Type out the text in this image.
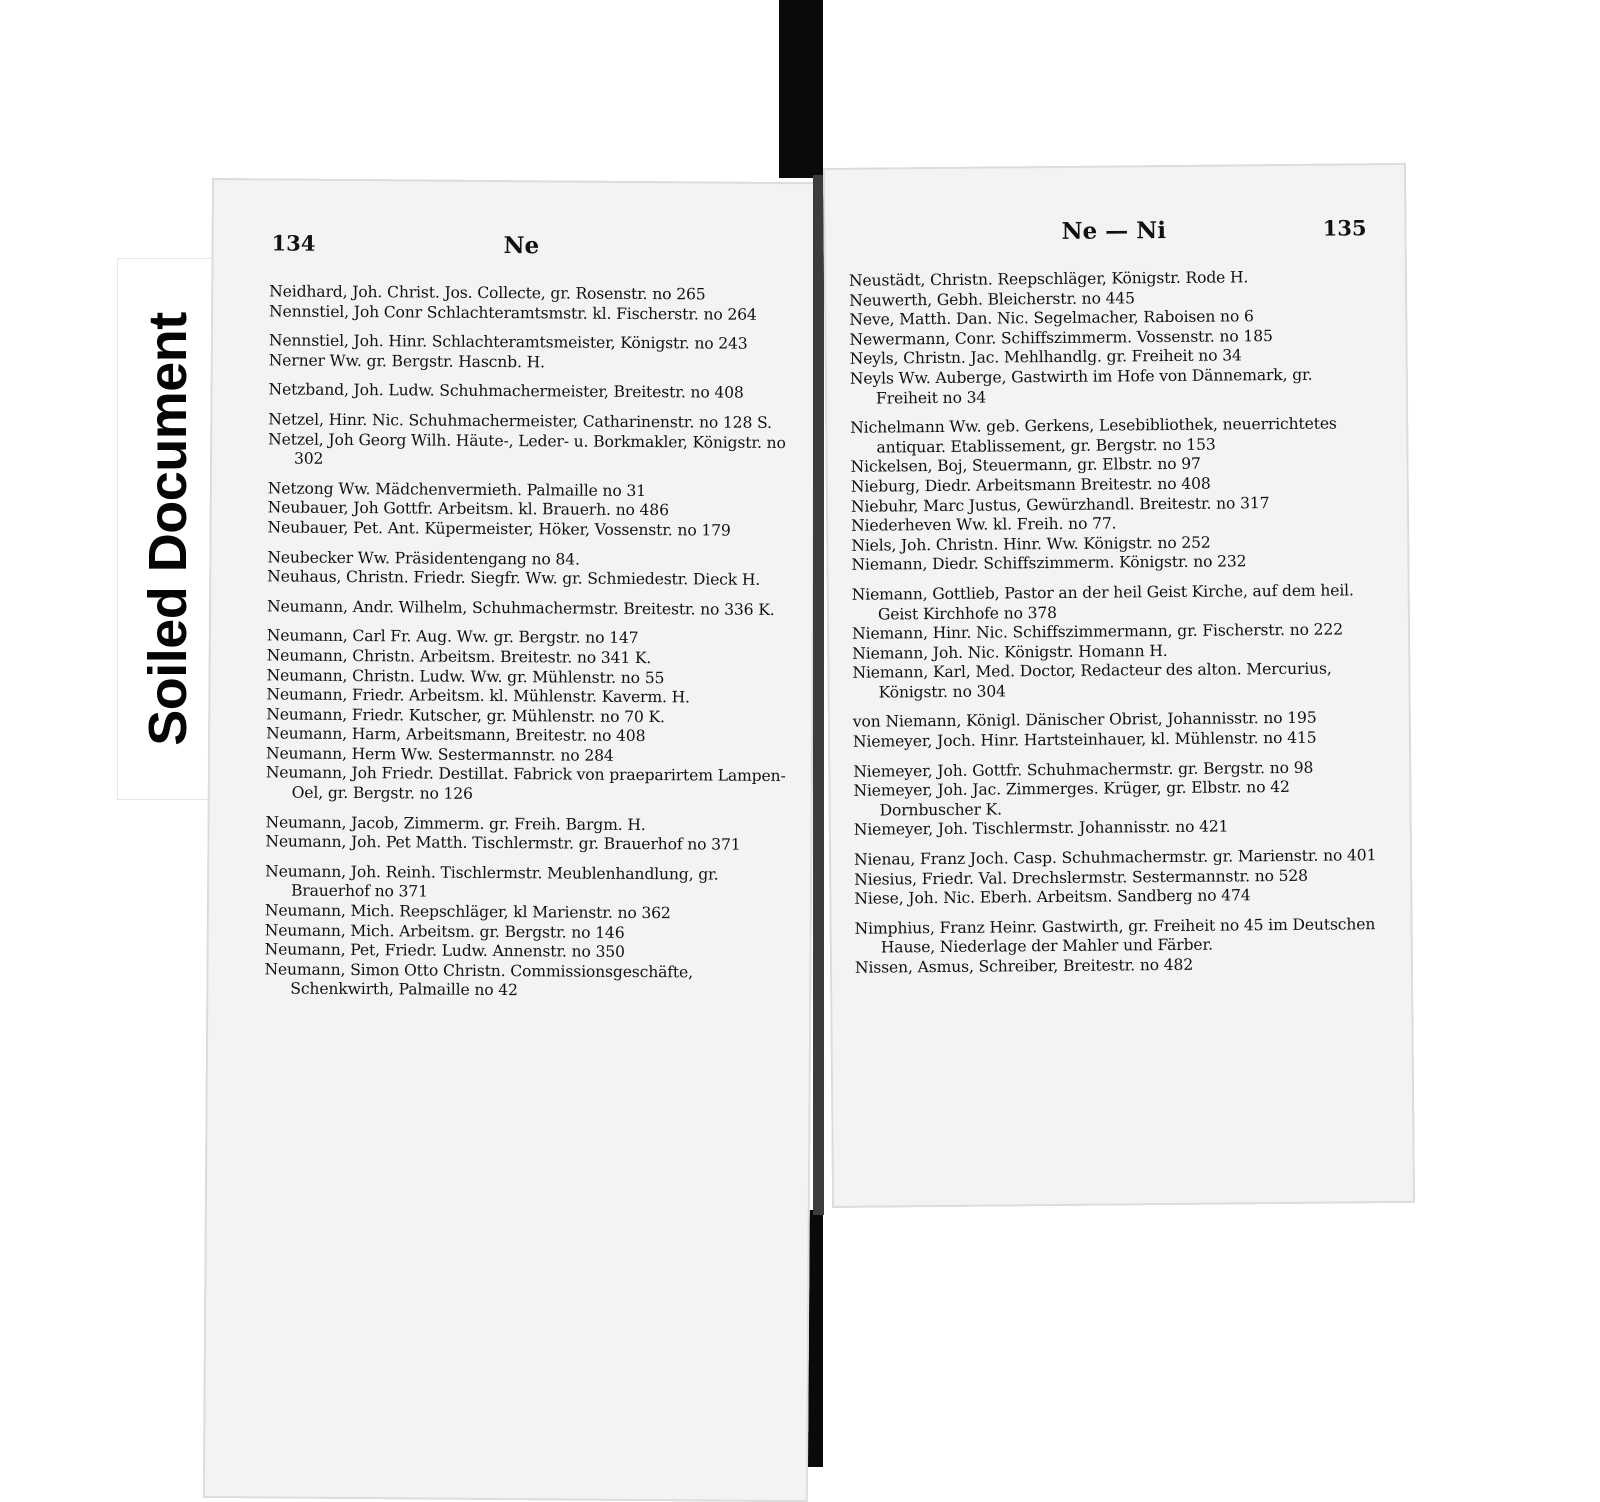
Soiled Document
134	Ne
Neidhard, Joh. Christ. Jos. Collecte, gr. Rosenstr. no 265
Nennstiel, Joh Conr Schlachteramtsmstr. kl. Fischerstr. no 264
Nennstiel, Joh. Hinr. Schlachteramtsmeister, Königstr. no 243
Nerner Ww. gr. Bergstr. Hascnb. H.
Netzband, Joh. Ludw. Schuhmachermeister, Breitestr. no 408
Netzel, Hinr. Nic. Schuhmachermeister, Catharinenstr. no 128 S.
Netzel, Joh Georg Wilh. Häute-, Leder- u. Borkmakler, Königstr. no 302
Netzong Ww. Mädchenvermieth. Palmaille no 31
Neubauer, Joh Gottfr. Arbeitsm. kl. Brauerh. no 486
Neubauer, Pet. Ant. Küpermeister, Höker, Vossenstr. no 179
Neubecker Ww. Präsidentengang no 84.
Neuhaus, Christn. Friedr. Siegfr. Ww. gr. Schmiedestr. Dieck H.
Neumann, Andr. Wilhelm, Schuhmachermstr. Breitestr. no 336 K.
Neumann, Carl Fr. Aug. Ww. gr. Bergstr. no 147
Neumann, Christn. Arbeitsm. Breitestr. no 341 K.
Neumann, Christn. Ludw. Ww. gr. Mühlenstr. no 55
Neumann, Friedr. Arbeitsm. kl. Mühlenstr. Kaverm. H.
Neumann, Friedr. Kutscher, gr. Mühlenstr. no 70 K.
Neumann, Harm, Arbeitsmann, Breitestr. no 408
Neumann, Herm Ww. Sestermannstr. no 284
Neumann, Joh Friedr. Destillat. Fabrick von praeparirtem Lampen-Oel, gr. Bergstr. no 126
Neumann, Jacob, Zimmerm. gr. Freih. Bargm. H.
Neumann, Joh. Pet Matth. Tischlermstr. gr. Brauerhof no 371
Neumann, Joh. Reinh. Tischlermstr. Meublenhandlung, gr. Brauerhof no 371
Neumann, Mich. Reepschläger, kl Marienstr. no 362
Neumann, Mich. Arbeitsm. gr. Bergstr. no 146
Neumann, Pet, Friedr. Ludw. Annenstr. no 350
Neumann, Simon Otto Christn. Commissionsgeschäfte, Schenkwirth, Palmaille no 42
Ne — Ni	135
Neustädt, Christn. Reepschläger, Königstr. Rode H.
Neuwerth, Gebh. Bleicherstr. no 445
Neve, Matth. Dan. Nic. Segelmacher, Raboisen no 6
Newermann, Conr. Schiffszimmerm. Vossenstr. no 185
Neyls, Christn. Jac. Mehlhandlg. gr. Freiheit no 34
Neyls Ww. Auberge, Gastwirth im Hofe von Dännemark, gr. Freiheit no 34
Nichelmann Ww. geb. Gerkens, Lesebibliothek, neuerrichtetes antiquar. Etablissement, gr. Bergstr. no 153
Nickelsen, Boj, Steuermann, gr. Elbstr. no 97
Nieburg, Diedr. Arbeitsmann Breitestr. no 408
Niebuhr, Marc Justus, Gewürzhandl. Breitestr. no 317
Niederheven Ww. kl. Freih. no 77.
Niels, Joh. Christn. Hinr. Ww. Königstr. no 252
Niemann, Diedr. Schiffszimmerm. Königstr. no 232
Niemann, Gottlieb, Pastor an der heil Geist Kirche, auf dem heil. Geist Kirchhofe no 378
Niemann, Hinr. Nic. Schiffszimmermann, gr. Fischerstr. no 222
Niemann, Joh. Nic. Königstr. Homann H.
Niemann, Karl, Med. Doctor, Redacteur des alton. Mercurius, Königstr. no 304
von Niemann, Königl. Dänischer Obrist, Johannisstr. no 195
Niemeyer, Joch. Hinr. Hartsteinhauer, kl. Mühlenstr. no 415
Niemeyer, Joh. Gottfr. Schuhmachermstr. gr. Bergstr. no 98
Niemeyer, Joh. Jac. Zimmerges. Krüger, gr. Elbstr. no 42 Dornbuscher K.
Niemeyer, Joh. Tischlermstr. Johannisstr. no 421
Nienau, Franz Joch. Casp. Schuhmachermstr. gr. Marienstr. no 401
Niesius, Friedr. Val. Drechslermstr. Sestermannstr. no 528
Niese, Joh. Nic. Eberh. Arbeitsm. Sandberg no 474
Nimphius, Franz Heinr. Gastwirth, gr. Freiheit no 45 im Deutschen Hause, Niederlage der Mahler und Färber.
Nissen, Asmus, Schreiber, Breitestr. no 482
